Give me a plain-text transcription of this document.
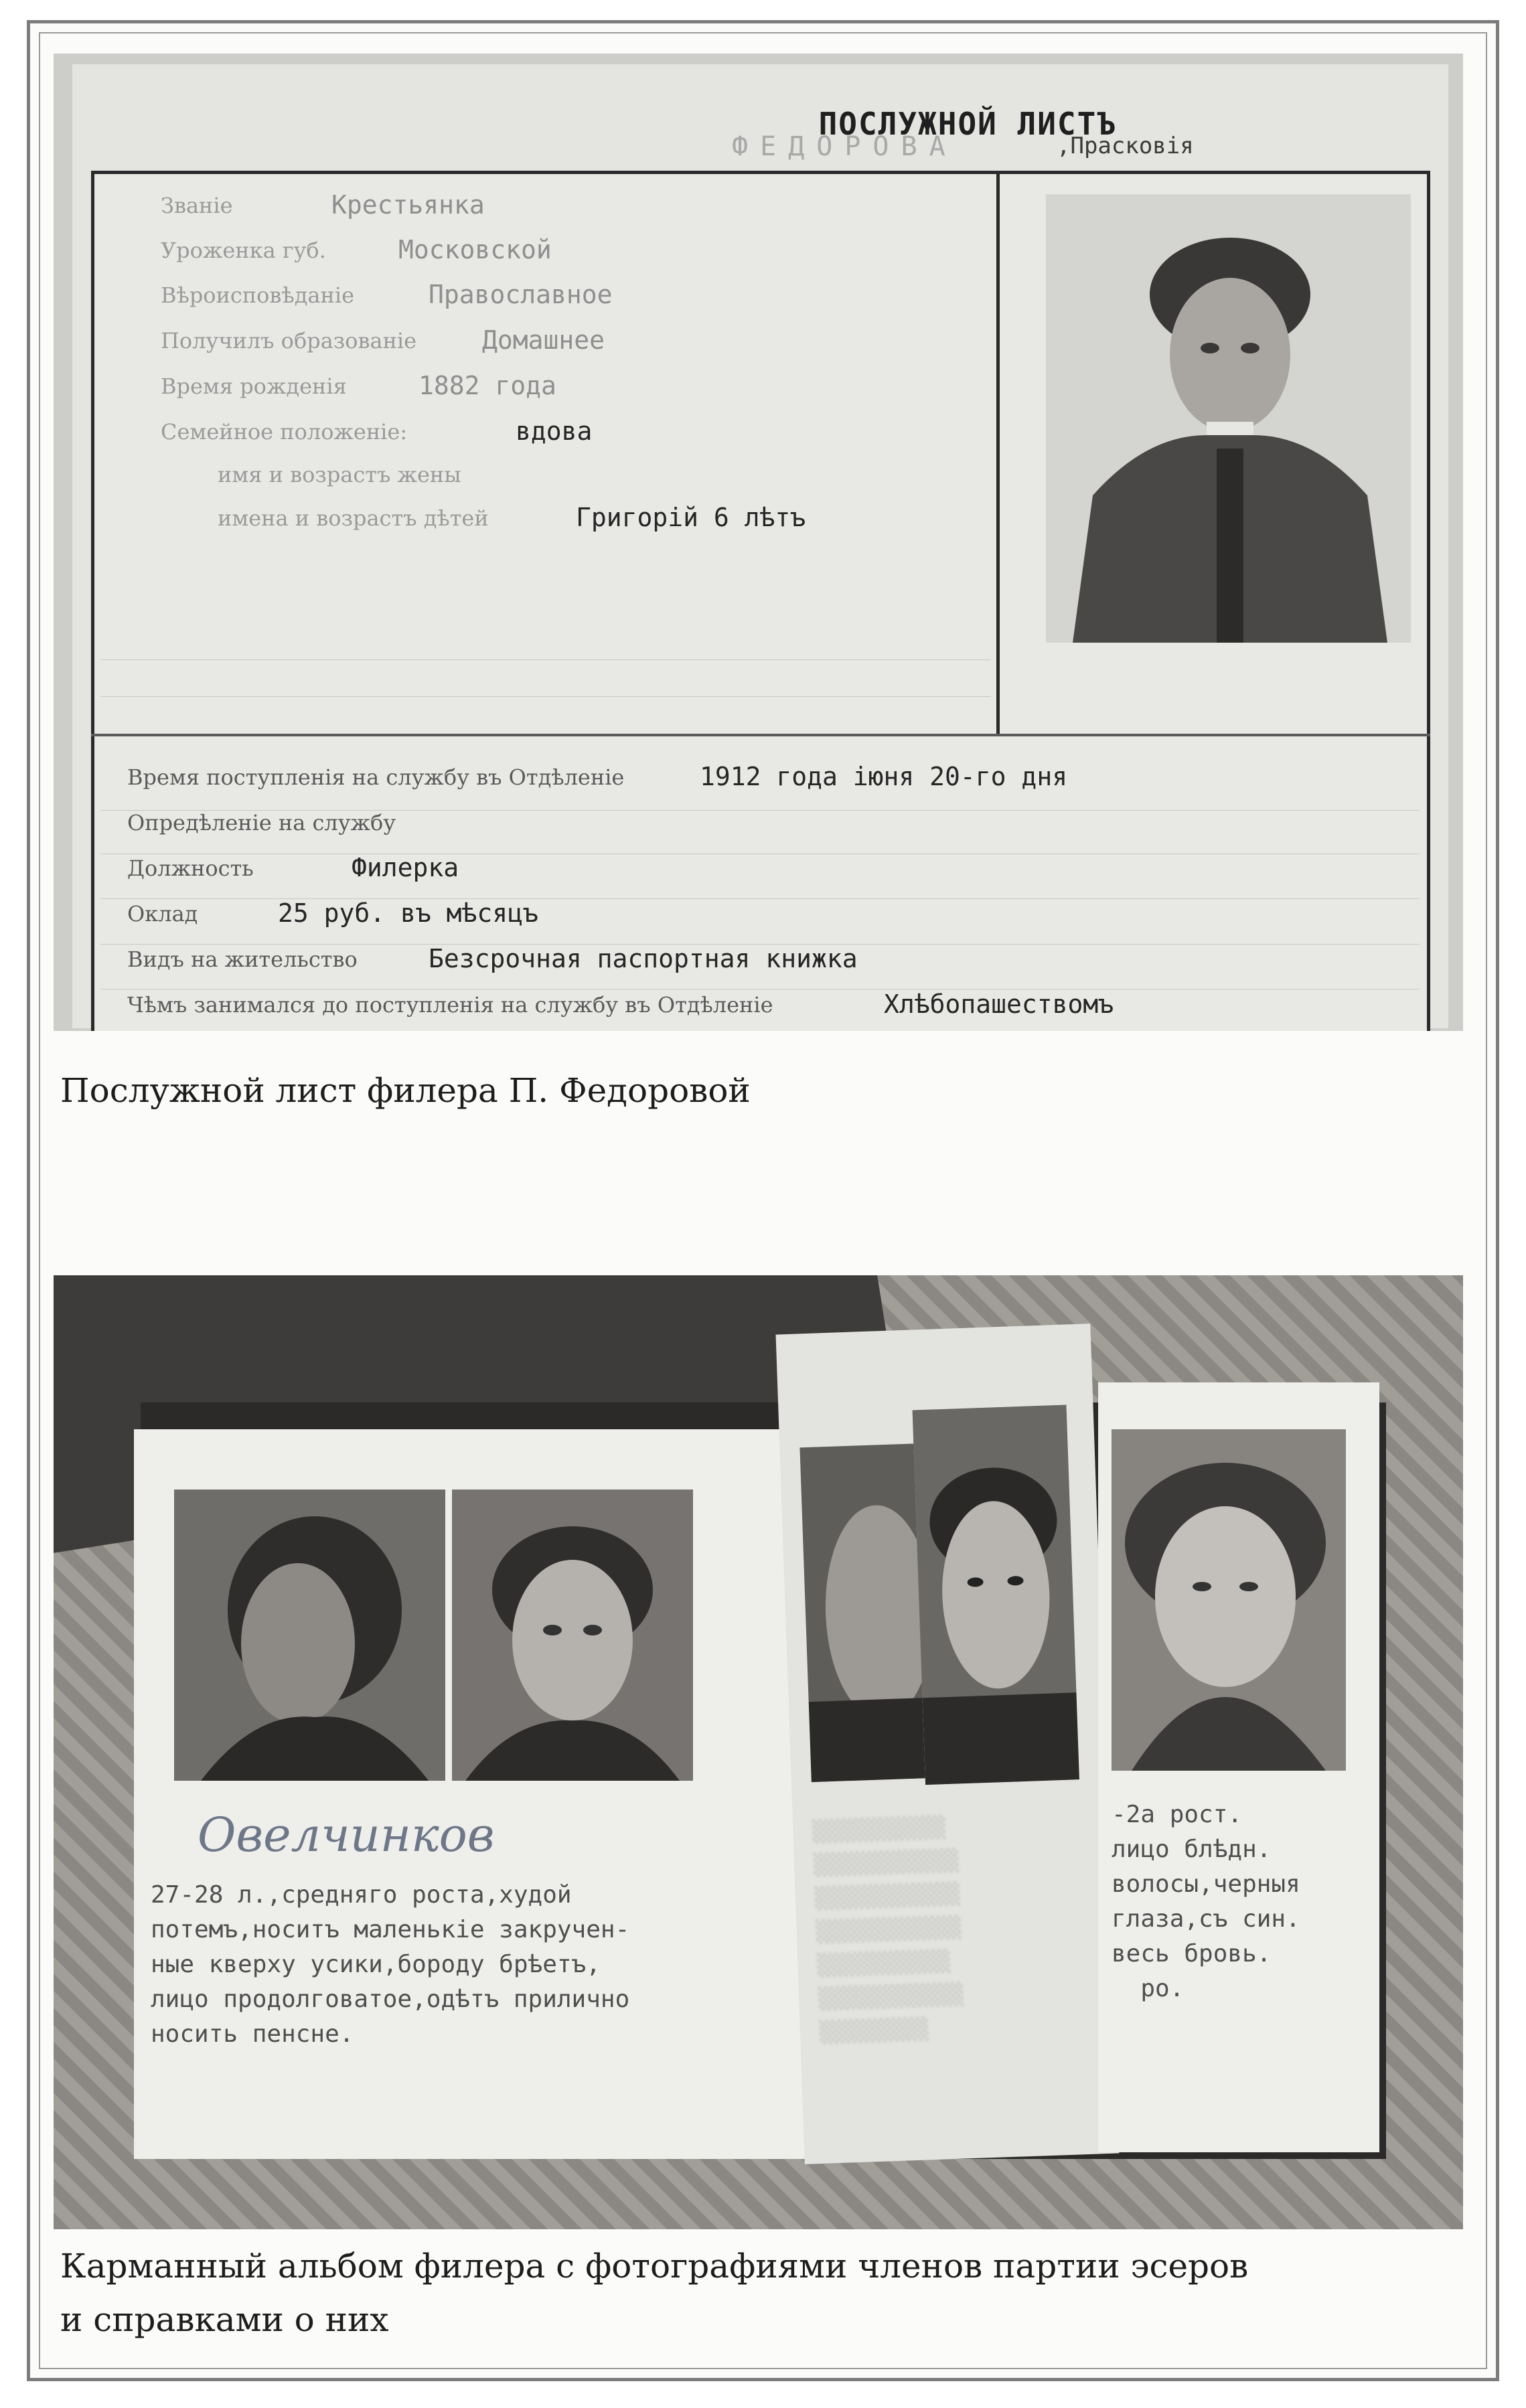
ПОСЛУЖНОЙ ЛИСТЪ
ФЕДОРОВА	,Прасковія
Званіе	Крестьянка
Уроженка губ.	Московской
Вѣроисповѣданіе	Православное
Получилъ образованіе	Домашнее
Время рожденія	1882 года
Семейное положеніе:	вдова
имя и возрастъ жены
имена и возрастъ дѣтей	Григорій 6 лѣтъ
Время поступленія на службу въ Отдѣленіе	1912 года іюня 20-го дня
Опредѣленіе на службу
Должность	Филерка
Оклад	25 руб. въ мѣсяцъ
Видъ на жительство	Безсрочная паспортная книжка
Чѣмъ занимался до поступленія на службу въ Отдѣленіе	Хлѣбопашествомъ
Послужной лист филера П. Федоровой
Овелчинков
27-28 л.,средняго роста,худой
потемъ,носитъ маленькіе закручен-
ные кверху усики,бороду брѣетъ,
лицо продолговатое,одѣтъ прилично
носить пенсне.
░░░░░░░░░░░
░░░░░░░░░░░░
░░░░░░░░░░░░
░░░░░░░░░░░░
░░░░░░░░░░░
░░░░░░░░░░░░
░░░░░░░░░
-2а рост.
лицо блѣдн.
волосы,черныя
глаза,съ син.
весь бровь.
ро.
Карманный альбом филера с фотографиями членов партии эсеров
и справками о них
